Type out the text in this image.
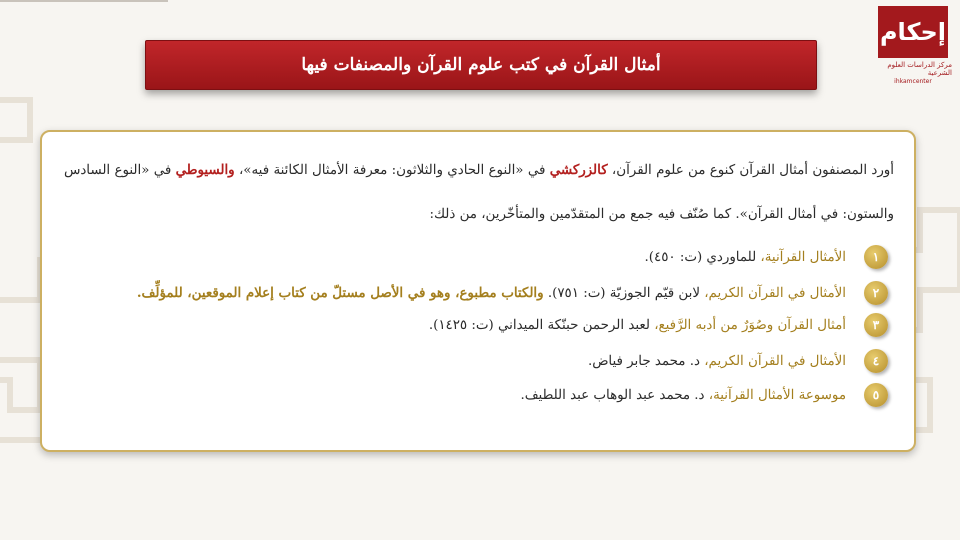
إحكام
مركز الدراسات العلوم الشرعية
ihkamcenter
أمثال القرآن في كتب علوم القرآن والمصنفات فيها
أورد المصنفون أمثال القرآن كنوع من علوم القرآن، كالزركشي في «النوع الحادي والثلاثون: معرفة الأمثال الكائنة فيه»، والسيوطي في «النوع السادس والستون: في أمثال القرآن». كما صُنّف فيه جمع من المتقدّمين والمتأخّرين، من ذلك:
١
الأمثال القرآنية، للماوردي (ت: ٤٥٠).
٢
الأمثال في القرآن الكريم، لابن قيّم الجوزيّة (ت: ٧٥١). والكتاب مطبوع، وهو في الأصل مستلّ من كتاب إعلام الموقعين، للمؤلِّف.
٣
أمثال القرآن وصُوَرٌ من أدبه الرَّفيع، لعبد الرحمن حبنّكة الميداني (ت: ١٤٢٥).
٤
الأمثال في القرآن الكريم، د. محمد جابر فياض.
٥
موسوعة الأمثال القرآنية، د. محمد عبد الوهاب عبد اللطيف.
